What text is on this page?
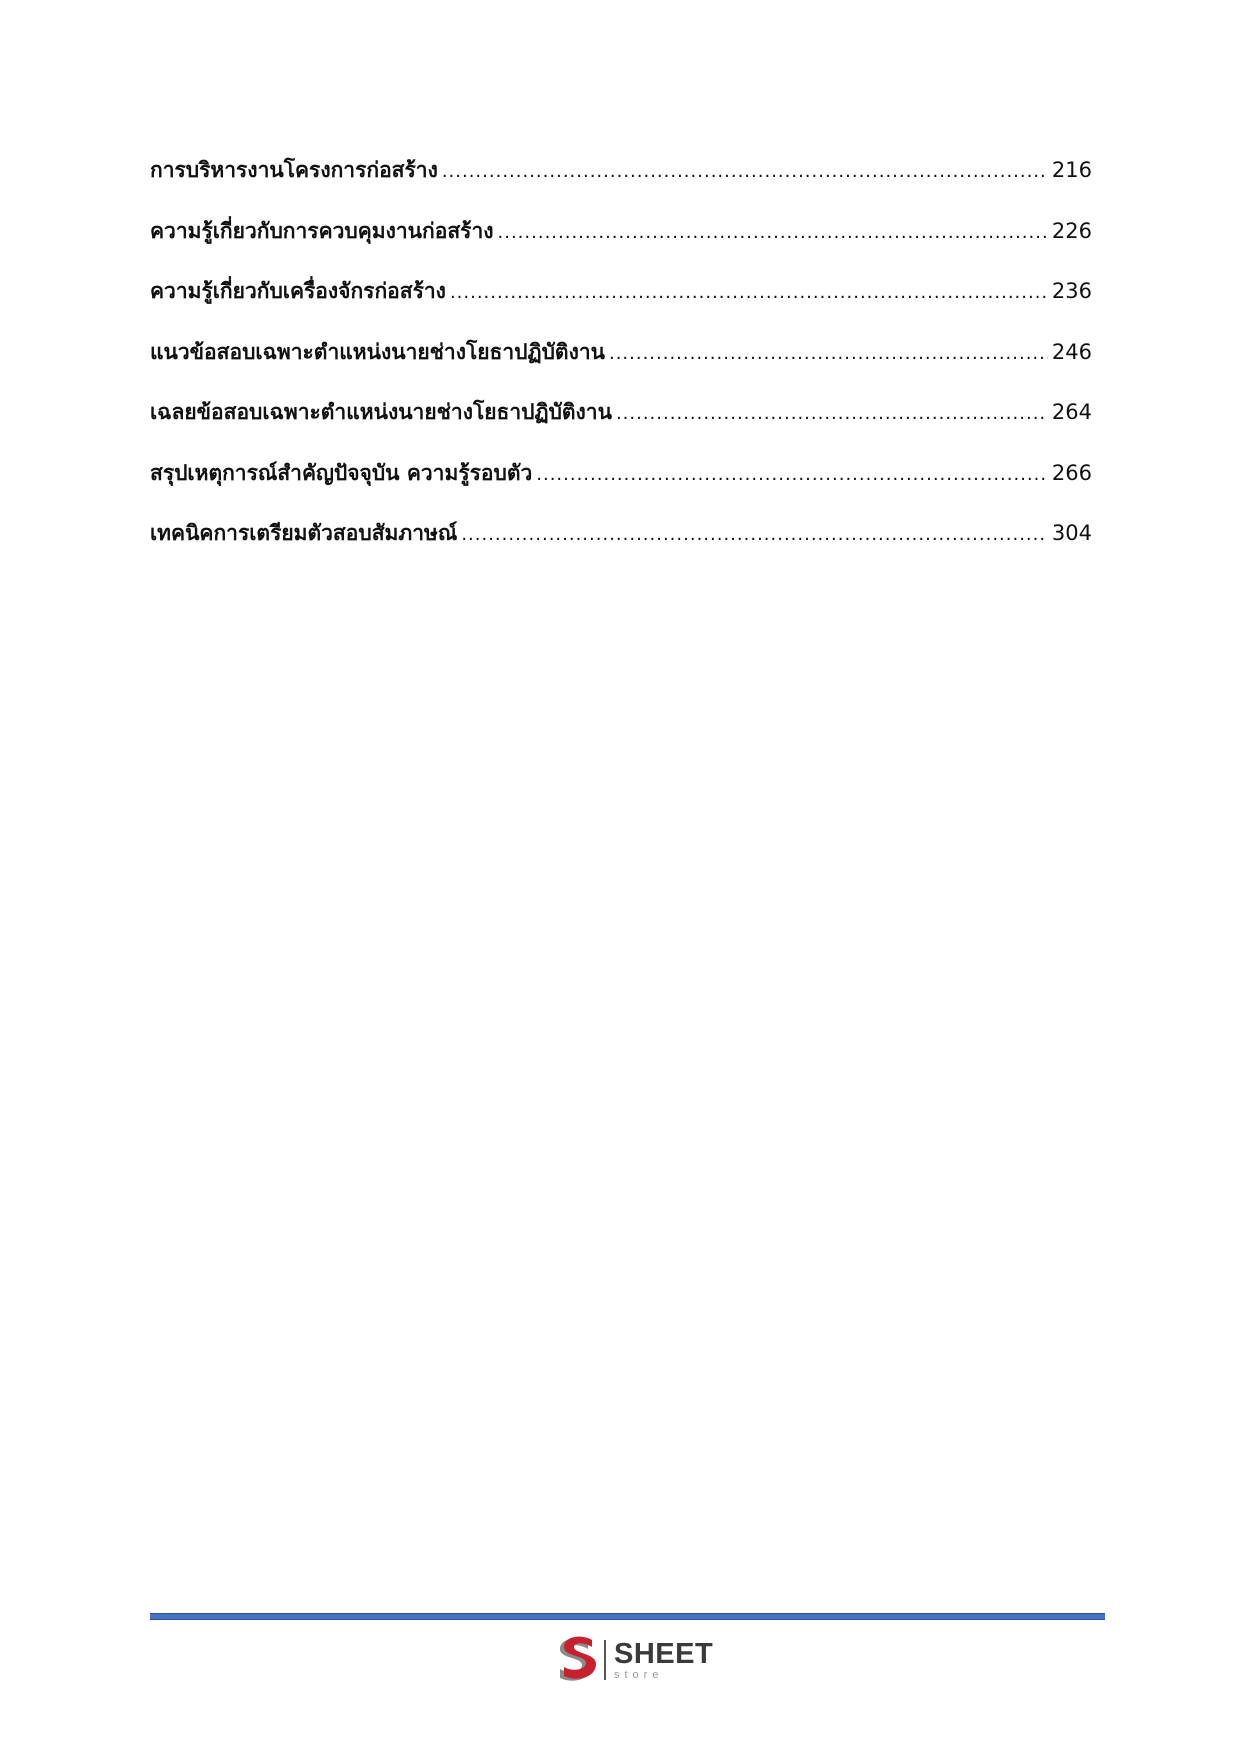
การบริหารงานโครงการก่อสร้าง .....	216
ความรู้เกี่ยวกับการควบคุมงานก่อสร้าง .....	226
ความรู้เกี่ยวกับเครื่องจักรก่อสร้าง .....	236
แนวข้อสอบเฉพาะตำแหน่งนายช่างโยธาปฏิบัติงาน .....	246
เฉลยข้อสอบเฉพาะตำแหน่งนายช่างโยธาปฏิบัติงาน .....	264
สรุปเหตุการณ์สำคัญปัจจุบัน ความรู้รอบตัว .....	266
เทคนิคการเตรียมตัวสอบสัมภาษณ์ .....	304
SHEET
store
